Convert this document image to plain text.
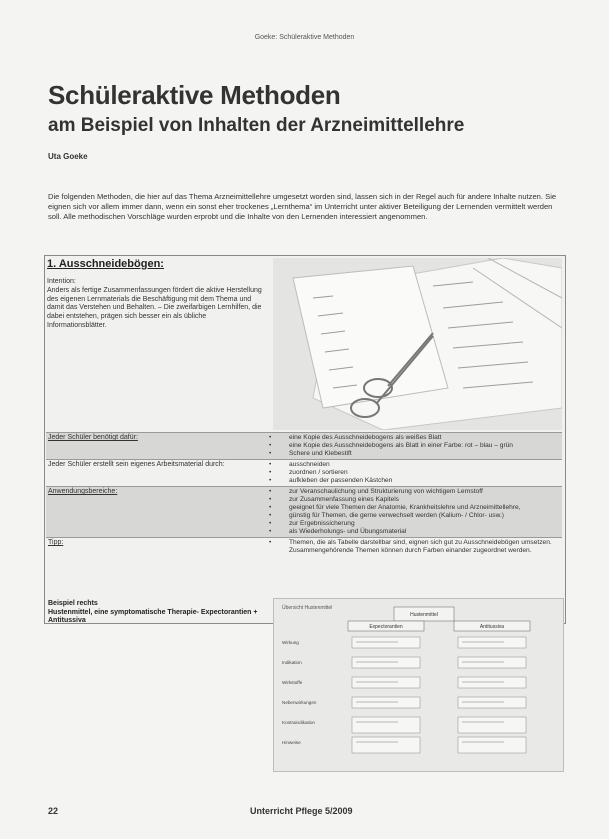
Goeke: Schüleraktive Methoden
Schüleraktive Methoden
am Beispiel von Inhalten der Arzneimittellehre
Uta Goeke
Die folgenden Methoden, die hier auf das Thema Arzneimittellehre umgesetzt worden sind, lassen sich in der Regel auch für andere Inhalte nutzen. Sie eignen sich vor allem immer dann, wenn ein sonst eher trockenes „Lernthema“ im Unterricht unter aktiver Beteiligung der Lernenden vermittelt werden soll. Alle methodischen Vorschläge wurden erprobt und die Inhalte von den Lernenden interessiert angenommen.
1. Ausschneidebögen:
Intention:
Anders als fertige Zusammenfassungen fördert die aktive Herstellung des eigenen Lernmaterials die Beschäftigung mit dem Thema und damit das Verstehen und Behalten. – Die zweifarbigen Lernhilfen, die dabei entstehen, prägen sich besser ein als übliche Informationsblätter.
Jeder Schüler benötigt dafür:	• eine Kopie des Ausschneidebogens als weißes Blatt
• eine Kopie des Ausschneidebogens als Blatt in einer Farbe: rot – blau – grün
• Schere und Klebestift
Jeder Schüler erstellt sein eigenes Arbeitsmaterial durch:	• ausschneiden
• zuordnen / sortieren
• aufkleben der passenden Kästchen
Anwendungsbereiche:	• zur Veranschaulichung und Strukturierung von wichtigem Lernstoff
• zur Zusammenfassung eines Kapitels
• geeignet für viele Themen der Anatomie, Krankheitslehre und Arzneimittellehre,
• günstig für Themen, die gerne verwechselt werden (Kalium- / Chlor- usw.)
• zur Ergebnissicherung
• als Wiederholungs- und Übungsmaterial
Tipp:	• Themen, die als Tabelle darstellbar sind, eignen sich gut zu Ausschneidebögen umsetzen. Zusammengehörende Themen können durch Farben einander zugeordnet werden.
Beispiel rechts
Hustenmittel, eine symptomatische Therapie- Expectorantien + Antitussiva
Übersicht Hustenmittel
Hustenmittel
Expectorantien	Antitussiva
Wirkung
Indikation
Wirkstoffe
Nebenwirkungen
Kontraindikation
Hinweise
22	Unterricht Pflege 5/2009
